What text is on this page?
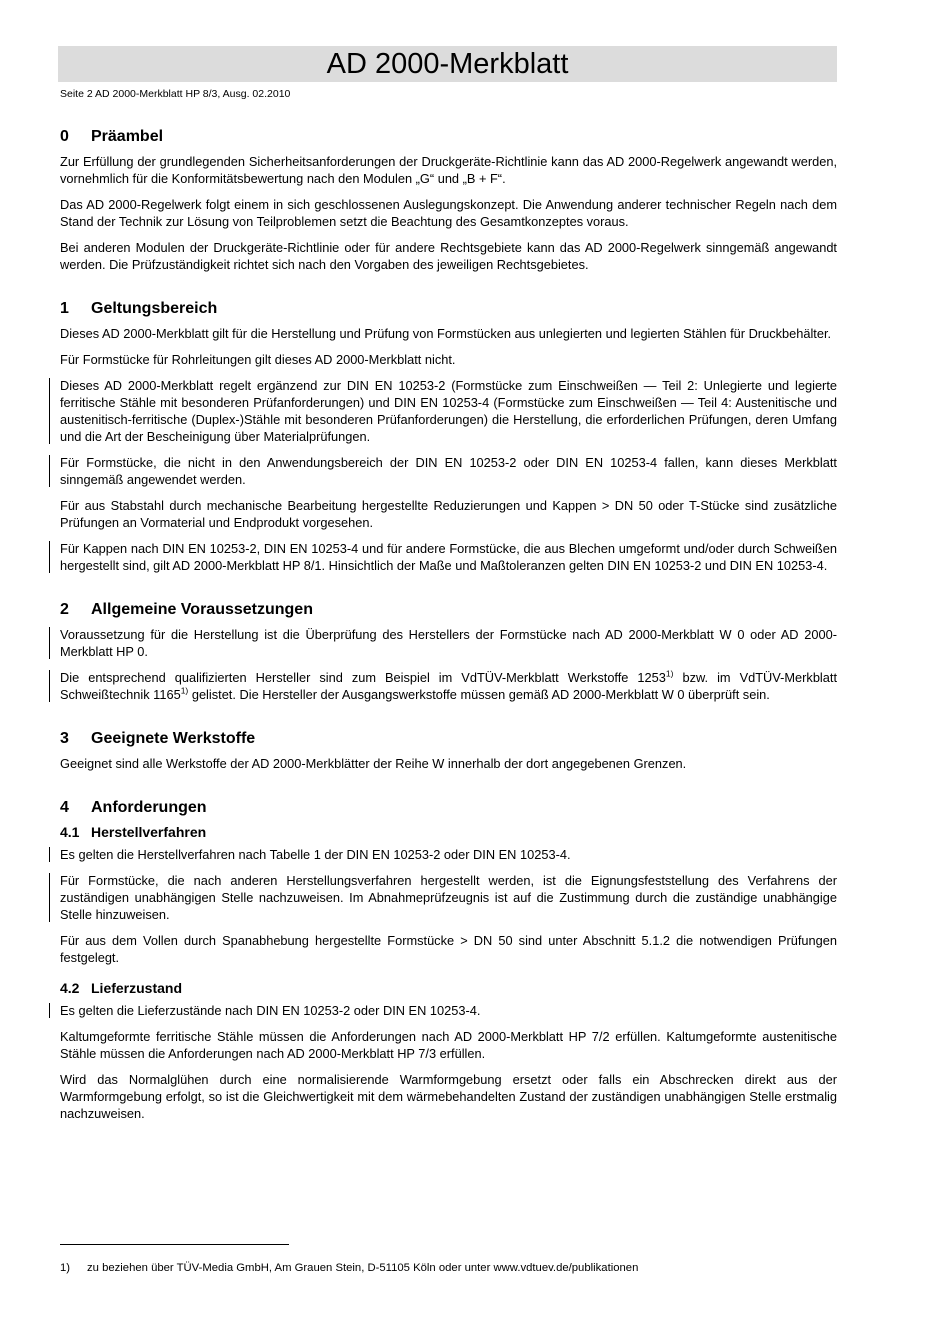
AD 2000-Merkblatt
Seite 2 AD 2000-Merkblatt HP 8/3, Ausg. 02.2010
0	Präambel

Zur Erfüllung der grundlegenden Sicherheitsanforderungen der Druckgeräte-Richtlinie kann das AD 2000-Regelwerk angewandt werden, vornehmlich für die Konformitätsbewertung nach den Modulen „G“ und „B + F“.

Das AD 2000-Regelwerk folgt einem in sich geschlossenen Auslegungskonzept. Die Anwendung anderer technischer Regeln nach dem Stand der Technik zur Lösung von Teilproblemen setzt die Beachtung des Gesamtkonzeptes voraus.

Bei anderen Modulen der Druckgeräte-Richtlinie oder für andere Rechtsgebiete kann das AD 2000-Regelwerk sinngemäß angewandt werden. Die Prüfzuständigkeit richtet sich nach den Vorgaben des jeweiligen Rechtsgebietes.

1	Geltungsbereich

Dieses AD 2000-Merkblatt gilt für die Herstellung und Prüfung von Formstücken aus unlegierten und legierten Stählen für Druckbehälter.

Für Formstücke für Rohrleitungen gilt dieses AD 2000-Merkblatt nicht.

Dieses AD 2000-Merkblatt regelt ergänzend zur DIN EN 10253-2 (Formstücke zum Einschweißen — Teil 2: Unlegierte und legierte ferritische Stähle mit besonderen Prüfanforderungen) und DIN EN 10253-4 (Formstücke zum Einschweißen — Teil 4: Austenitische und austenitisch-ferritische (Duplex-)Stähle mit besonderen Prüfanforderungen) die Herstellung, die erforderlichen Prüfungen, deren Umfang und die Art der Bescheinigung über Materialprüfungen.

Für Formstücke, die nicht in den Anwendungsbereich der DIN EN 10253-2 oder DIN EN 10253-4 fallen, kann dieses Merkblatt sinngemäß angewendet werden.

Für aus Stabstahl durch mechanische Bearbeitung hergestellte Reduzierungen und Kappen > DN 50 oder T-Stücke sind zusätzliche Prüfungen an Vormaterial und Endprodukt vorgesehen.

Für Kappen nach DIN EN 10253-2, DIN EN 10253-4 und für andere Formstücke, die aus Blechen umgeformt und/oder durch Schweißen hergestellt sind, gilt AD 2000-Merkblatt HP 8/1. Hinsichtlich der Maße und Maßtoleranzen gelten DIN EN 10253-2 und DIN EN 10253-4.

2	Allgemeine Voraussetzungen

Voraussetzung für die Herstellung ist die Überprüfung des Herstellers der Formstücke nach AD 2000-Merkblatt W 0 oder AD 2000-Merkblatt HP 0.

Die entsprechend qualifizierten Hersteller sind zum Beispiel im VdTÜV-Merkblatt Werkstoffe 1253$^{1)}$ bzw. im VdTÜV-Merkblatt Schweißtechnik 1165$^{1)}$ gelistet. Die Hersteller der Ausgangswerkstoffe müssen gemäß AD 2000-Merkblatt W 0 überprüft sein.

3	Geeignete Werkstoffe

Geeignet sind alle Werkstoffe der AD 2000-Merkblätter der Reihe W innerhalb der dort angegebenen Grenzen.

4	Anforderungen
4.1 Herstellverfahren

Es gelten die Herstellverfahren nach Tabelle 1 der DIN EN 10253-2 oder DIN EN 10253-4.

Für Formstücke, die nach anderen Herstellungsverfahren hergestellt werden, ist die Eignungsfeststellung des Verfahrens der zuständigen unabhängigen Stelle nachzuweisen. Im Abnahmeprüfzeugnis ist auf die Zustimmung durch die zuständige unabhängige Stelle hinzuweisen.

Für aus dem Vollen durch Spanabhebung hergestellte Formstücke > DN 50 sind unter Abschnitt 5.1.2 die notwendigen Prüfungen festgelegt.

4.2 Lieferzustand

Es gelten die Lieferzustände nach DIN EN 10253-2 oder DIN EN 10253-4.

Kaltumgeformte ferritische Stähle müssen die Anforderungen nach AD 2000-Merkblatt HP 7/2 erfüllen. Kaltumgeformte austenitische Stähle müssen die Anforderungen nach AD 2000-Merkblatt HP 7/3 erfüllen.

Wird das Normalglühen durch eine normalisierende Warmformgebung ersetzt oder falls ein Abschrecken direkt aus der Warmformgebung erfolgt, so ist die Gleichwertigkeit mit dem wärmebehandelten Zustand der zuständigen unabhängigen Stelle erstmalig nachzuweisen.

1)	zu beziehen über TÜV-Media GmbH, Am Grauen Stein, D-51105 Köln oder unter www.vdtuev.de/publikationen
